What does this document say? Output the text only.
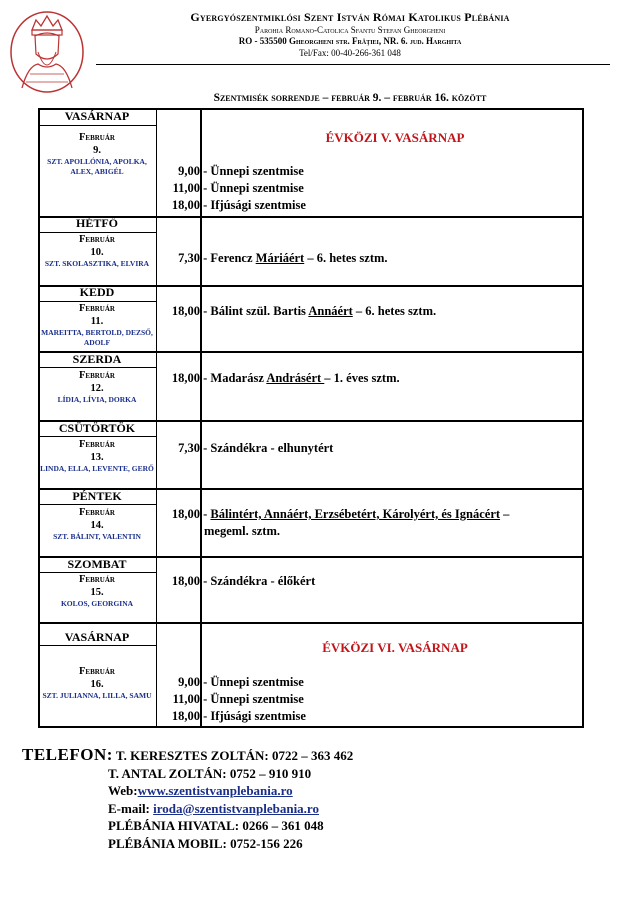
Gyergyószentmiklósi Szent István Római Katolikus Plébánia
Parohia Romano-Catolica Sfantu Stefan Gheorgheni
RO - 535500 Gheorgheni str. Frăţiei, NR. 6. jud. Harghita
Tel/Fax: 00-40-266-361 048
Szentmisék sorrendje – február 9. – február 16. között
VASÁRNAP
Február
9.
SZT. APOLLÓNIA, APOLKA, ALEX, ABIGÉL
ÉVKÖZI V. VASÁRNAP
9,00 - Ünnepi szentmise
11,00 - Ünnepi szentmise
18,00 - Ifjúsági szentmise
HÉTFŐ
Február
10.
SZT. SKOLASZTIKA, ELVIRA	7,30 - Ferencz Máriáért – 6. hetes sztm.
KEDD
Február
11.
MAREITTA, BERTOLD, DEZSŐ, ADOLF
18,00 - Bálint szül. Bartis Annáért – 6. hetes sztm.
SZERDA
Február
12.
LÍDIA, LÍVIA, DORKA
18,00 - Madarász Andrásért – 1. éves sztm.
CSÜTÖRTÖK
Február
13.
LINDA, ELLA, LEVENTE, GERŐ
7,30 - Szándékra - elhunytért
PÉNTEK
Február
14.
SZT. BÁLINT, VALENTIN
18,00 - Bálintért, Annáért, Erzsébetért, Károlyért, és Ignácért –
megeml. sztm.
SZOMBAT
Február
15.
KOLOS, GEORGINA
18,00 - Szándékra - élőkért
VASÁRNAP
Február
16.
SZT. JULIANNA, LILLA, SAMU
ÉVKÖZI VI. VASÁRNAP
9,00 - Ünnepi szentmise
11,00 - Ünnepi szentmise
18,00 - Ifjúsági szentmise
TELEFON: T. KERESZTES ZOLTÁN: 0722 – 363 462
T. ANTAL ZOLTÁN: 0752 – 910 910
Web:www.szentistvanplebania.ro
E-mail: iroda@szentistvanplebania.ro
PLÉBÁNIA HIVATAL: 0266 – 361 048
PLÉBÁNIA MOBIL: 0752-156 226
